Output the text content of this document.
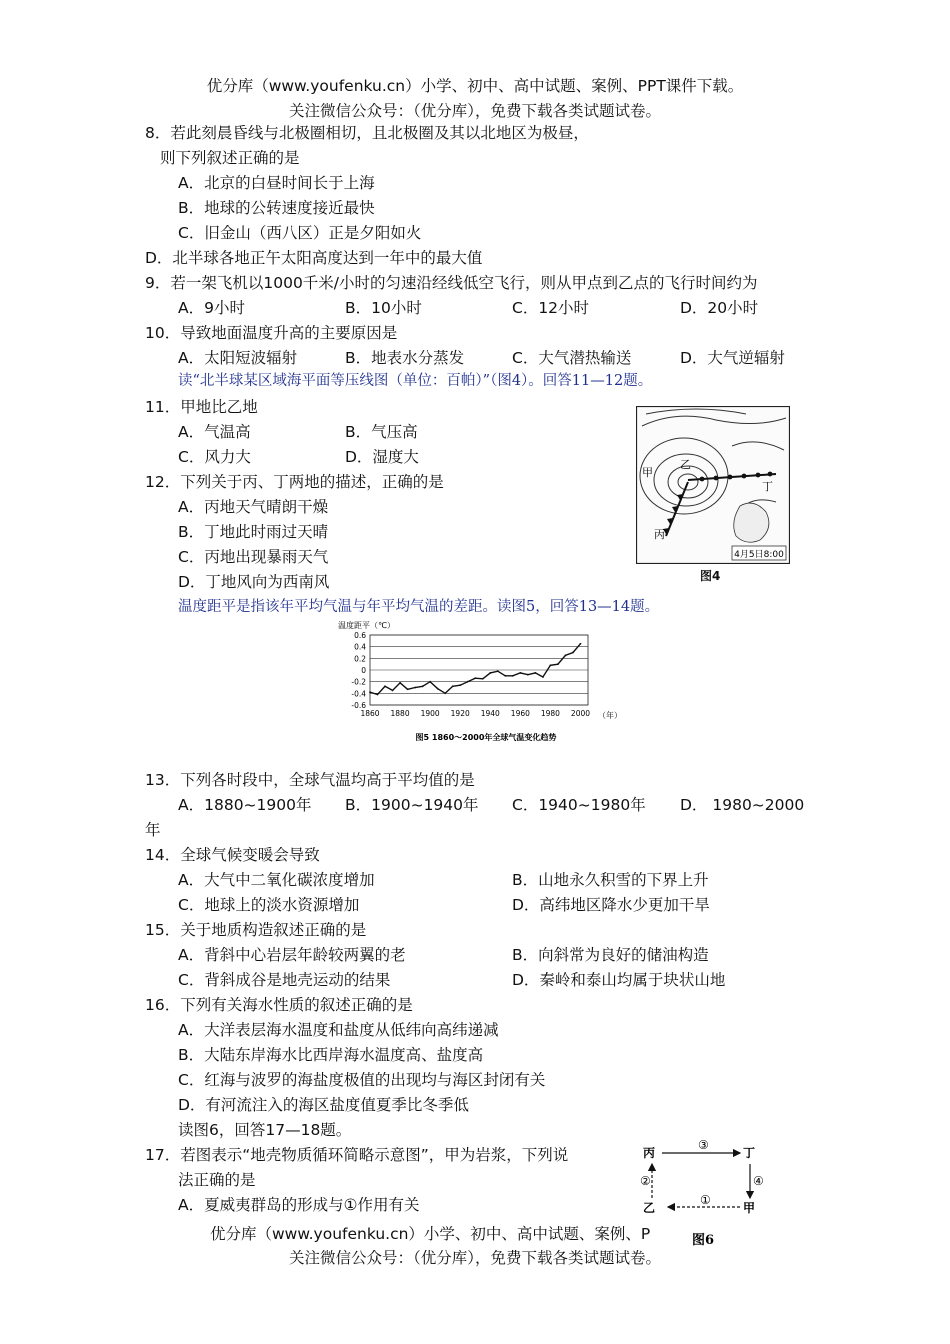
优分库（www.youfenku.cn）小学、初中、高中试题、案例、PPT课件下载。
关注微信公众号：（优分库），免费下载各类试题试卷。
8．若此刻晨昏线与北极圈相切，且北极圈及其以北地区为极昼，
则下列叙述正确的是
A．北京的白昼时间长于上海
B．地球的公转速度接近最快
C．旧金山（西八区）正是夕阳如火
D．北半球各地正午太阳高度达到一年中的最大值
9．若一架飞机以1000千米/小时的匀速沿经线低空飞行，则从甲点到乙点的飞行时间约为
A．9小时	B．10小时	C．12小时	D．20小时
10．导致地面温度升高的主要原因是
A．太阳短波辐射	B．地表水分蒸发	C．大气潜热输送	D．大气逆辐射
读“北半球某区域海平面等压线图（单位：百帕）”（图4）。回答11—12题。
11．甲地比乙地
A．气温高	B．气压高
C．风力大	D．湿度大
12．下列关于丙、丁两地的描述，正确的是
A．丙地天气晴朗干燥
B．丁地此时雨过天晴
C．丙地出现暴雨天气
D．丁地风向为西南风
4月5日8:00
甲
乙
丙
丁
图4
温度距平是指该年平均气温与年平均气温的差距。读图5，回答13—14题。
温度距平（℃）
0.6
0.4
0.2
0
-0.2
-0.4
-0.6
1860 1880 1900 1920 1940 1960 1980 2000 （年）
图5 1860～2000年全球气温变化趋势
13．下列各时段中，全球气温均高于平均值的是
A．1880~1900年 B．1900~1940年 C．1940~1980年 D． 1980~2000
年
14．全球气候变暖会导致
A．大气中二氧化碳浓度增加	B．山地永久积雪的下界上升
C．地球上的淡水资源增加	D．高纬地区降水少更加干旱
15．关于地质构造叙述正确的是
A．背斜中心岩层年龄较两翼的老	B．向斜常为良好的储油构造
C．背斜成谷是地壳运动的结果	D．秦岭和泰山均属于块状山地
16．下列有关海水性质的叙述正确的是
A．大洋表层海水温度和盐度从低纬向高纬递减
B．大陆东岸海水比西岸海水温度高、盐度高
C．红海与波罗的海盐度极值的出现均与海区封闭有关
D．有河流注入的海区盐度值夏季比冬季低
读图6，回答17—18题。
17．若图表示“地壳物质循环简略示意图”，甲为岩浆，下列说
法正确的是
A．夏威夷群岛的形成与①作用有关
丙	丁
乙	甲
③
④
①
②
图6
优分库（www.youfenku.cn）小学、初中、高中试题、案例、P
关注微信公众号：（优分库），免费下载各类试题试卷。
